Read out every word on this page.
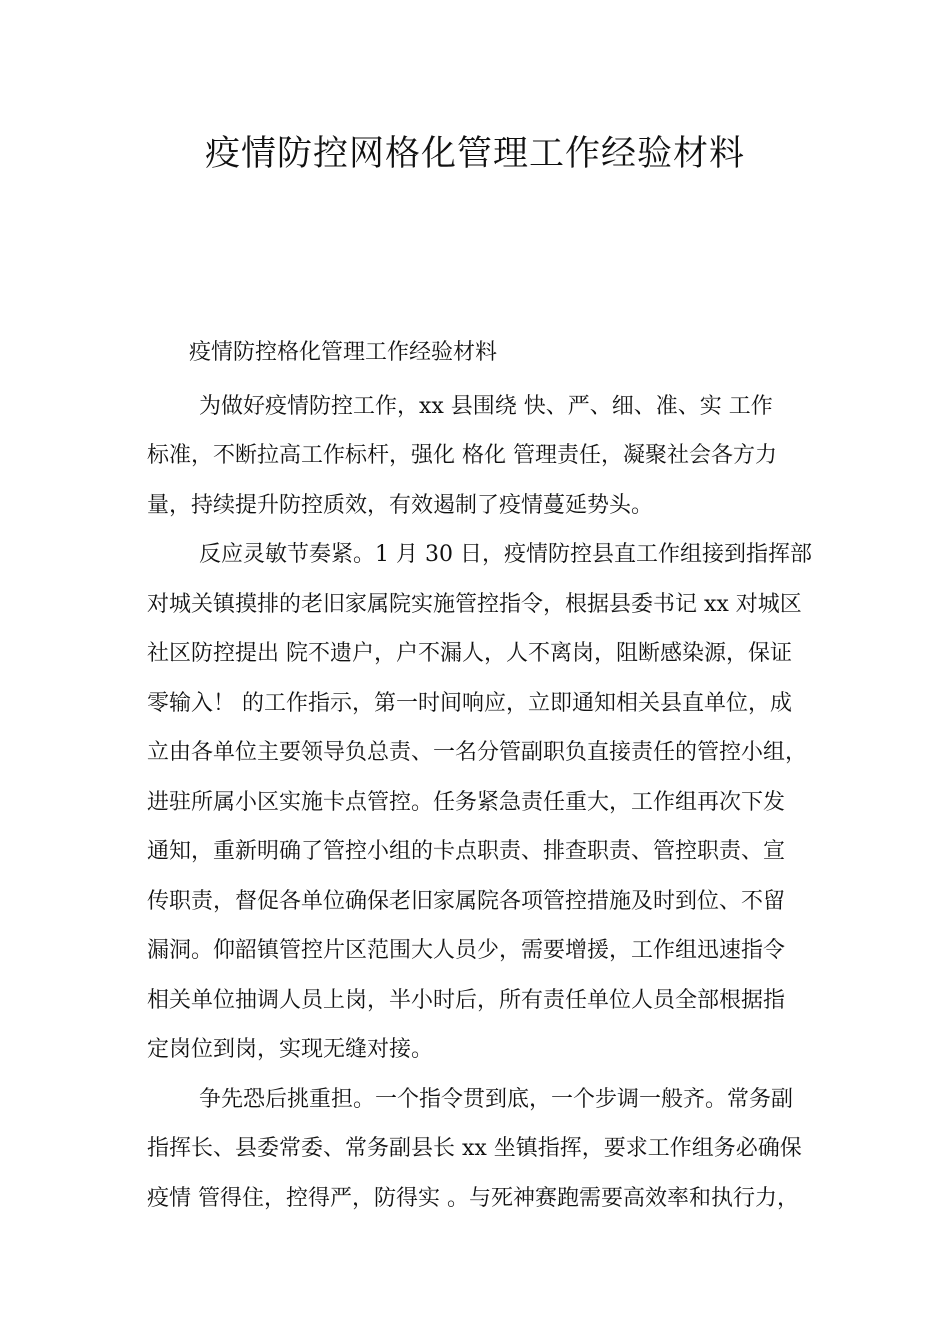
疫情防控网格化管理工作经验材料
疫情防控格化管理工作经验材料
为做好疫情防控工作，xx 县围绕 快、严、细、准、实 工作
标准，不断拉高工作标杆，强化 格化 管理责任，凝聚社会各方力
量，持续提升防控质效，有效遏制了疫情蔓延势头。
反应灵敏节奏紧。1 月 30 日，疫情防控县直工作组接到指挥部
对城关镇摸排的老旧家属院实施管控指令，根据县委书记 xx 对城区
社区防控提出 院不遗户，户不漏人，人不离岗，阻断感染源，保证
零输入！ 的工作指示，第一时间响应，立即通知相关县直单位，成
立由各单位主要领导负总责、一名分管副职负直接责任的管控小组，
进驻所属小区实施卡点管控。任务紧急责任重大，工作组再次下发
通知，重新明确了管控小组的卡点职责、排查职责、管控职责、宣
传职责，督促各单位确保老旧家属院各项管控措施及时到位、不留
漏洞。仰韶镇管控片区范围大人员少，需要增援，工作组迅速指令
相关单位抽调人员上岗，半小时后，所有责任单位人员全部根据指
定岗位到岗，实现无缝对接。
争先恐后挑重担。一个指令贯到底，一个步调一般齐。常务副
指挥长、县委常委、常务副县长 xx 坐镇指挥，要求工作组务必确保
疫情 管得住，控得严，防得实 。与死神赛跑需要高效率和执行力，
